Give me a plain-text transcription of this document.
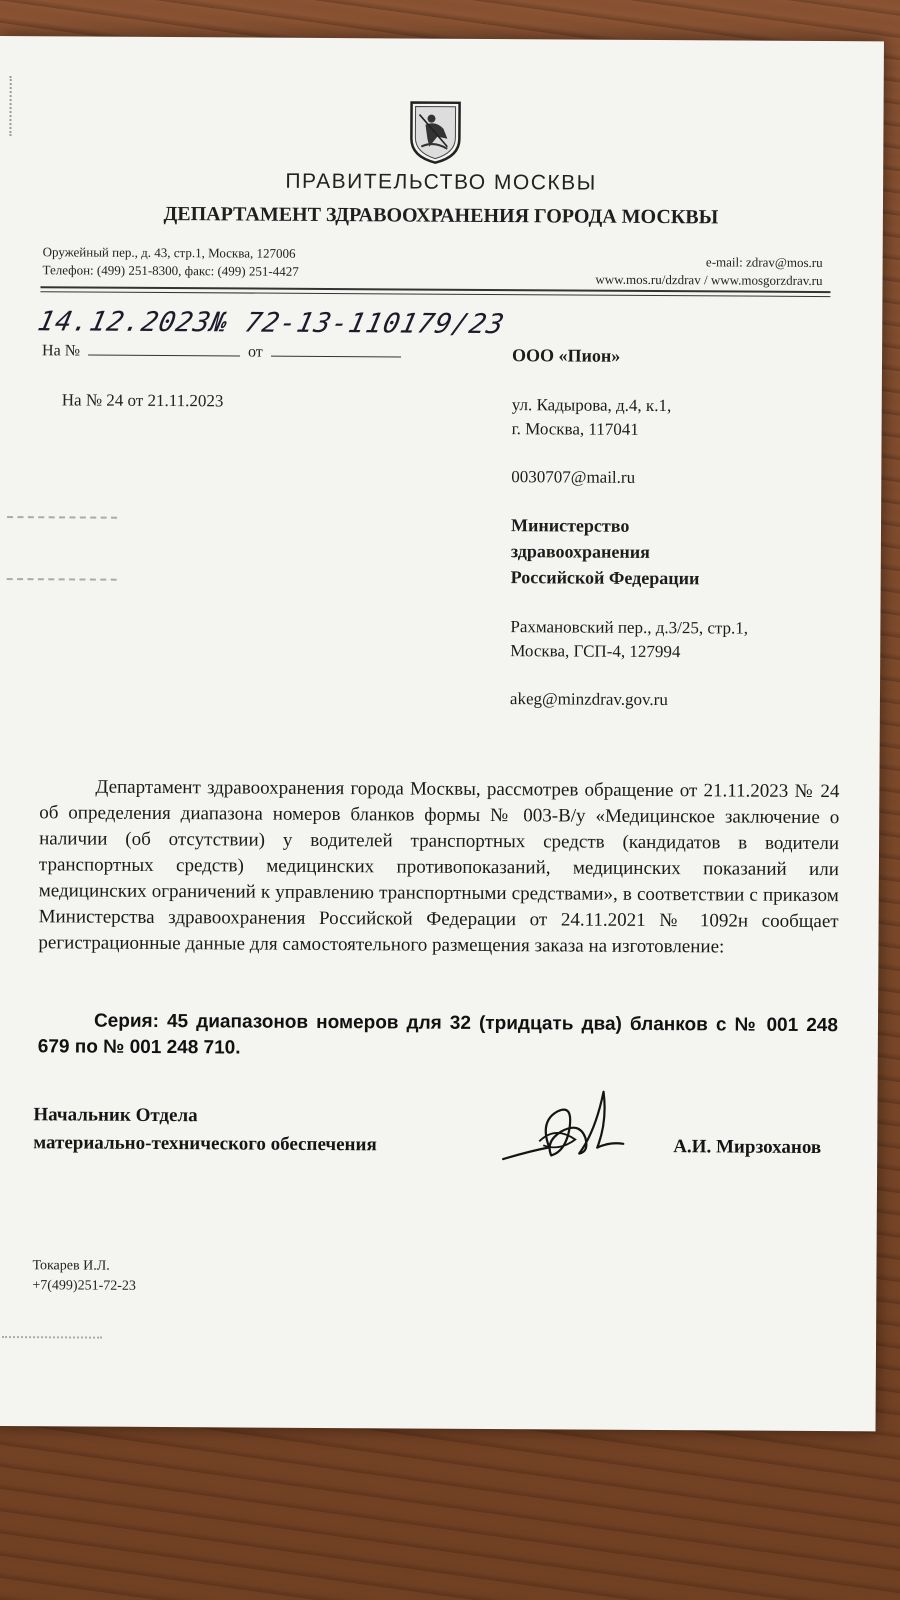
ПРАВИТЕЛЬСТВО МОСКВЫ
ДЕПАРТАМЕНТ ЗДРАВООХРАНЕНИЯ ГОРОДА МОСКВЫ
Оружейный пер., д. 43, стр.1, Москва, 127006
Телефон: (499) 251-8300, факс: (499) 251-4427
e-mail: zdrav@mos.ru
www.mos.ru/dzdrav / www.mosgorzdrav.ru
14.12.2023№ 72-13-110179/23
На №	от
На № 24 от 21.11.2023
ООО «Пион»
ул. Кадырова, д.4, к.1,
г. Москва, 117041
0030707@mail.ru
Министерство
здравоохранения
Российской Федерации
Рахмановский пер., д.3/25, стр.1,
Москва, ГСП-4, 127994
akeg@minzdrav.gov.ru
Департамент здравоохранения города Москвы, рассмотрев обращение от 21.11.2023 № 24 об определения диапазона номеров бланков формы № 003-В/у «Медицинское заключение о наличии (об отсутствии) у водителей транспортных средств (кандидатов в водители транспортных средств) медицинских противопоказаний, медицинских показаний или медицинских ограничений к управлению транспортными средствами», в соответствии с приказом Министерства здравоохранения Российской Федерации от 24.11.2021 № 1092н сообщает регистрационные данные для самостоятельного размещения заказа на изготовление:
Серия: 45 диапазонов номеров для 32 (тридцать два) бланков с № 001 248 679 по № 001 248 710.
Начальник Отдела
материально-технического обеспечения	А.И. Мирзоханов
Токарев И.Л.
+7(499)251-72-23
